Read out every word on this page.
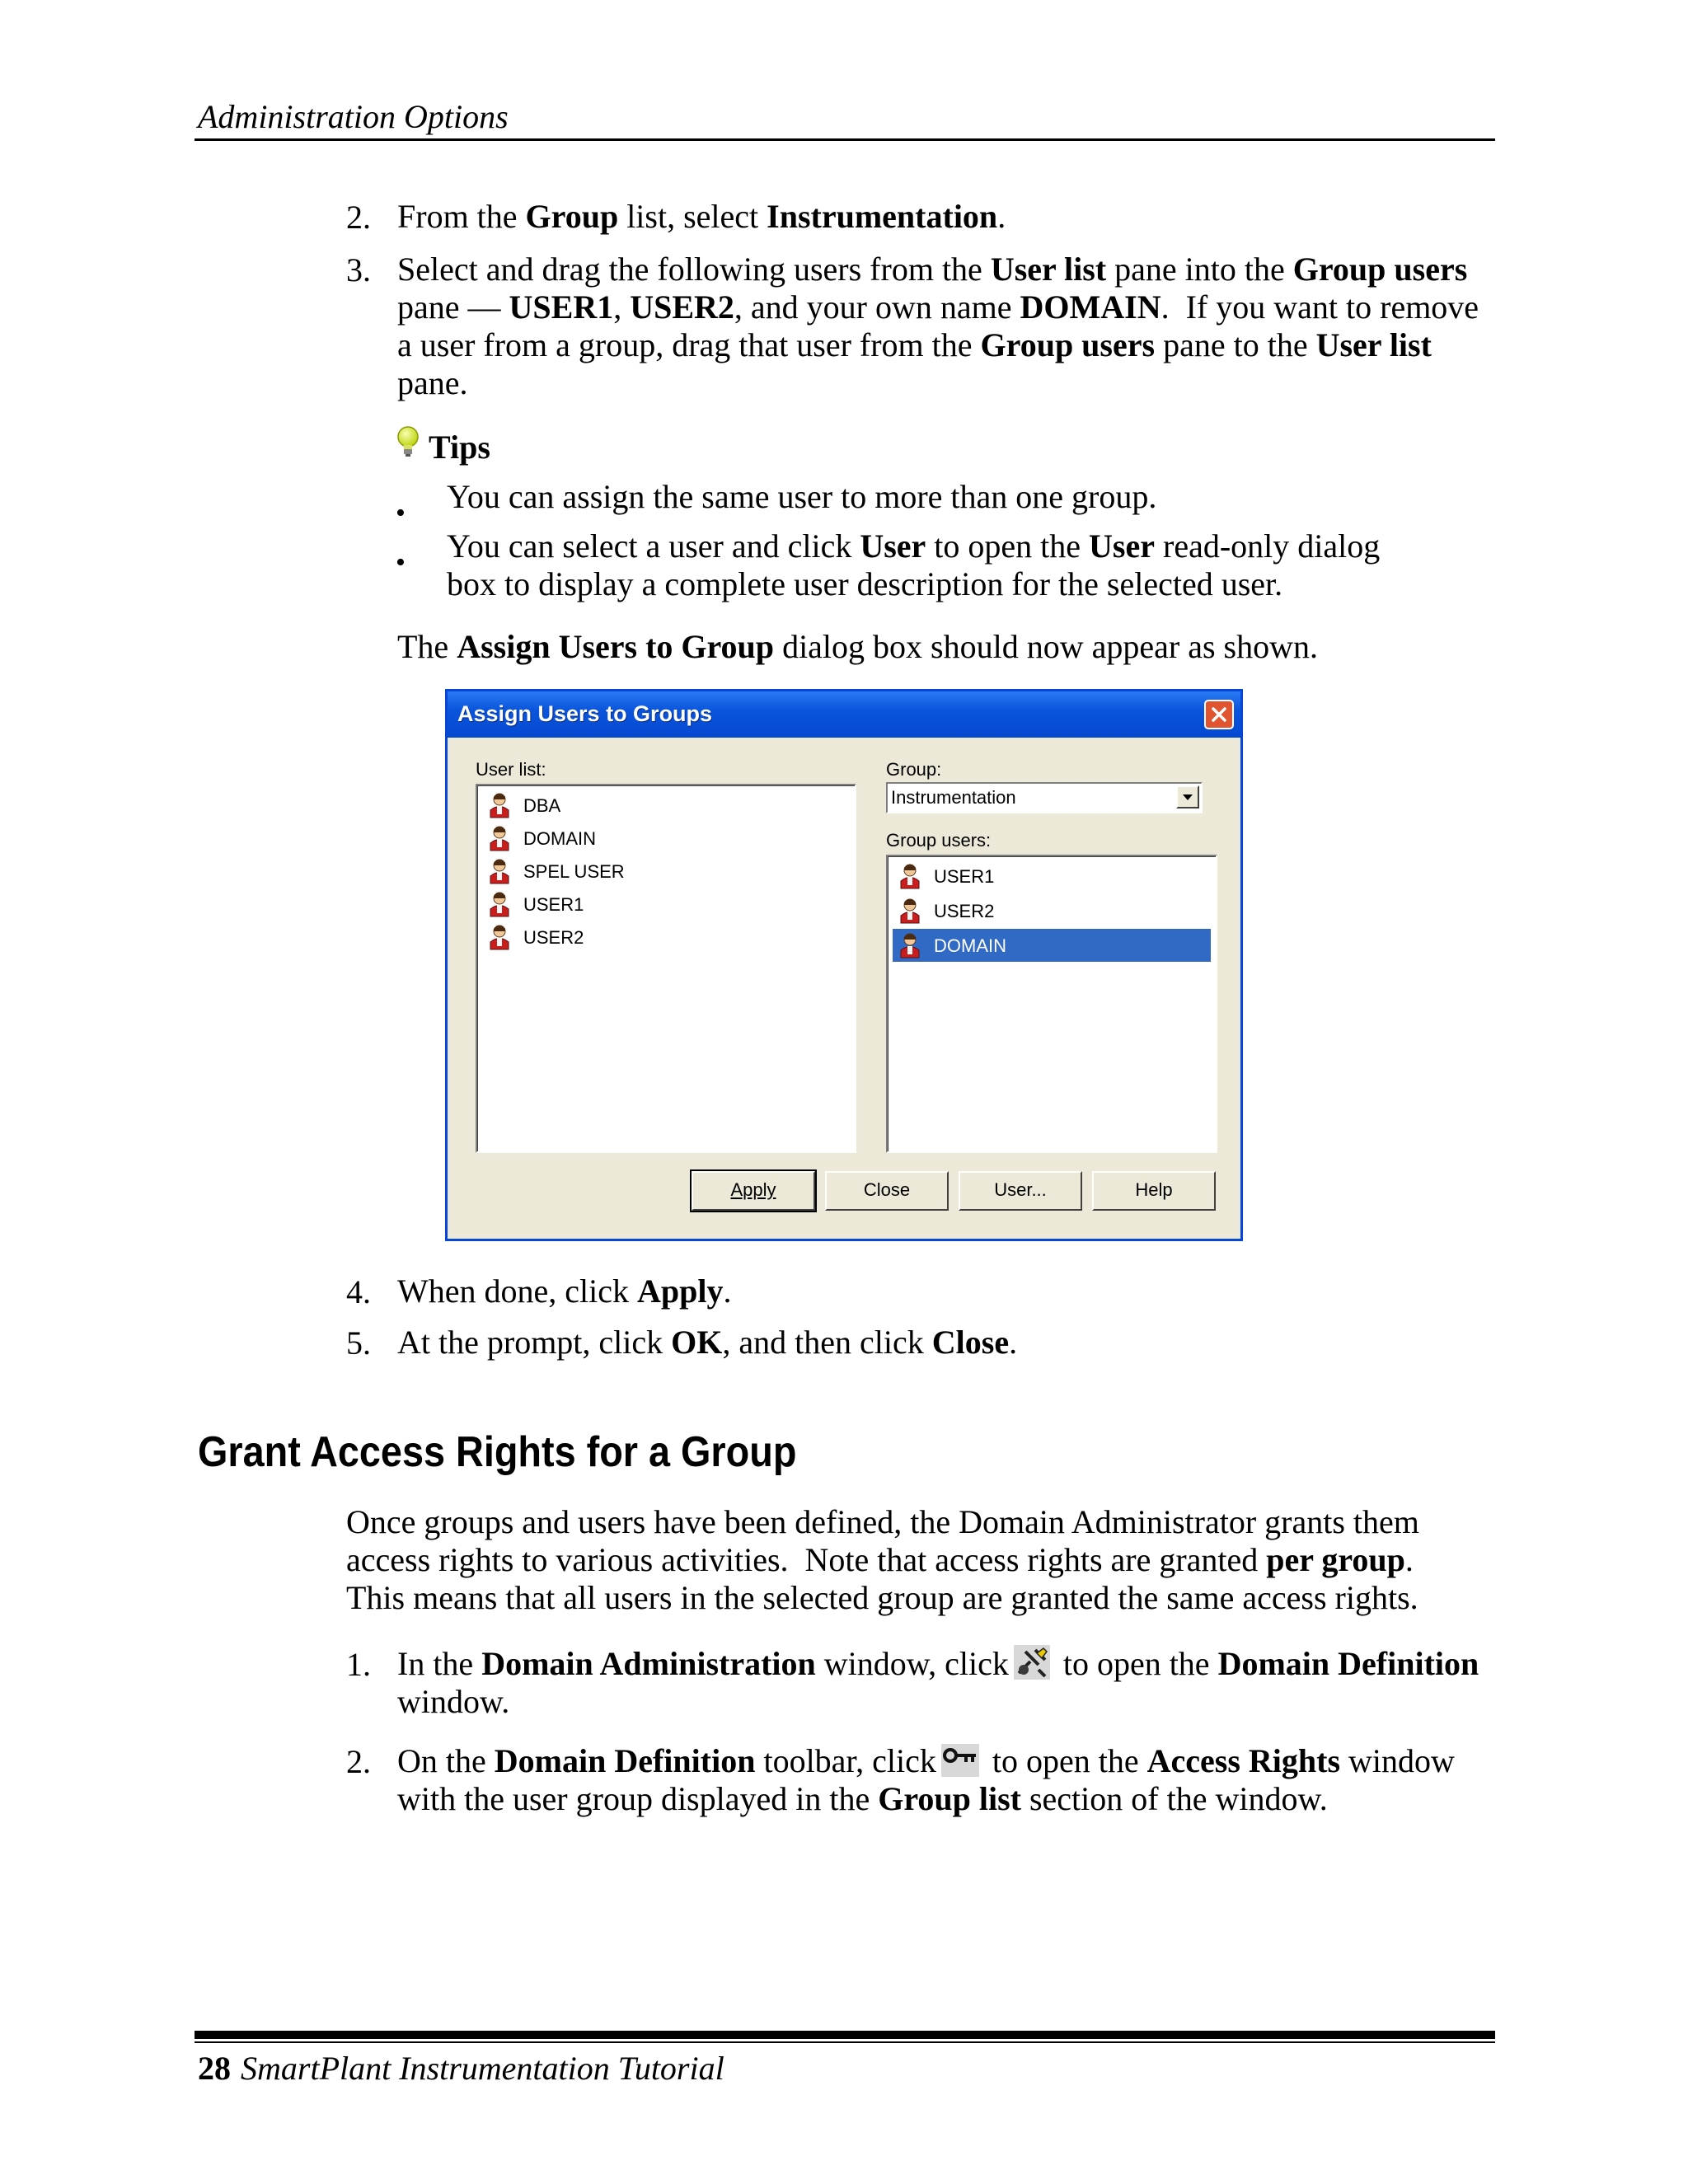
Administration Options
2. From the Group list, select Instrumentation.
3. Select and drag the following users from the User list pane into the Group users
pane — USER1, USER2, and your own name DOMAIN.  If you want to remove
a user from a group, drag that user from the Group users pane to the User list
pane.
Tips
• You can assign the same user to more than one group.
• You can select a user and click User to open the User read-only dialog
box to display a complete user description for the selected user.
The Assign Users to Group dialog box should now appear as shown.
Assign Users to Groups
User list:
DBA
DOMAIN
SPEL USER
USER1
USER2
Group:
Instrumentation
Group users:
USER1
USER2
DOMAIN
Apply	Close	User...	Help
4. When done, click Apply.
5. At the prompt, click OK, and then click Close.
Grant Access Rights for a Group
Once groups and users have been defined, the Domain Administrator grants them
access rights to various activities.  Note that access rights are granted per group.
This means that all users in the selected group are granted the same access rights.
1. In the Domain Administration window, click to open the Domain Definition
window.
2. On the Domain Definition toolbar, click to open the Access Rights window
with the user group displayed in the Group list section of the window.
28 SmartPlant Instrumentation Tutorial
